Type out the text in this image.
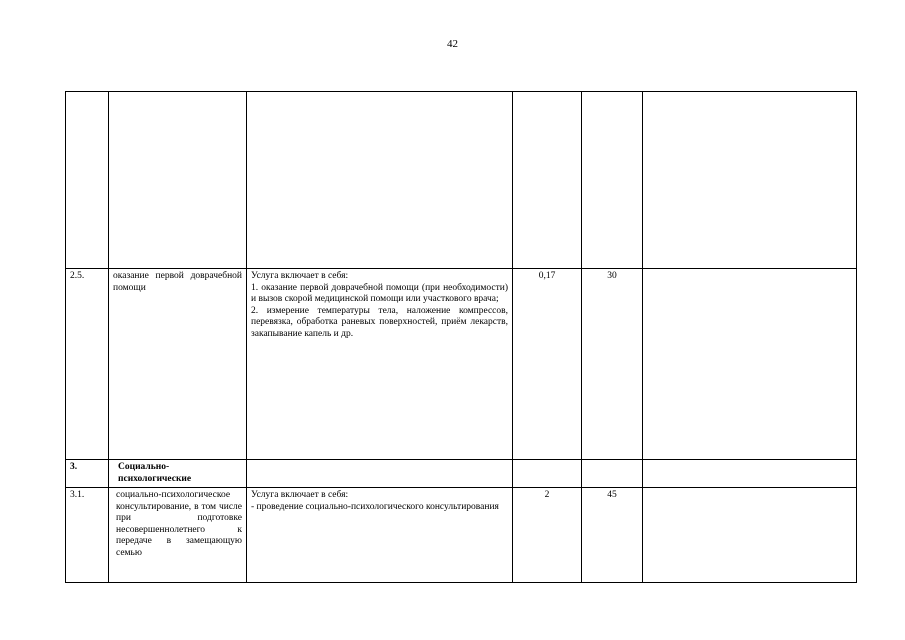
42

2.5.	оказание первой доврачебной помощи	Услуга включает в себя:
1. оказание первой доврачебной помощи (при необходимости) и вызов скорой медицинской помощи или участкового врача;
2. измерение температуры тела, наложение компрессов, перевязка, обработка раневых поверхностей, приём лекарств, закапывание капель и др.	0,17	30	
3.	Социально-психологические				
3.1.	социально-психологическое консультирование, в том числе при подготовке несовершеннолетнего к передаче в замещающую семью	Услуга включает в себя:
- проведение социально-психологического консультирования	2	45	
